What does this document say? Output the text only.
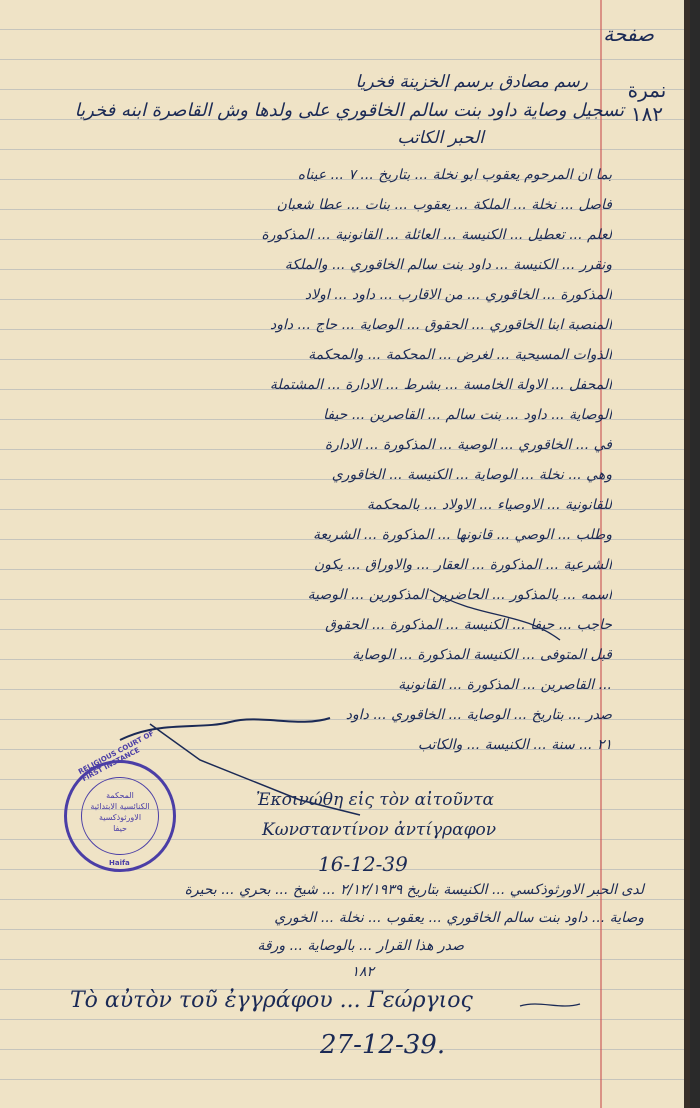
صفحة
نمرة
١٨٢
رسم مصادق برسم الخزينة فخريا
تسجيل وصاية داود بنت سالم الخاقوري على ولدها وش القاصرة ابنه فخريا
الحبر الكاتب
بما ان المرحوم يعقوب ابو نخلة ... بتاريخ ... ٧ ... عيناه
فاصل ... نخلة ... الملكة ... يعقوب ... بنات ... عطا شعبان
لعلم ... تعطيل ... الكنيسة ... العائلة ... القانونية ... المذكورة
ونقرر ... الكنيسة ... داود بنت سالم الخاقوري ... والملكة
المذكورة ... الخاقوري ... من الاقارب ... داود ... اولاد
المنصبة ابنا الخاقوري ... الحقوق ... الوصاية ... حاج ... داود
الذوات المسيحية ... لغرض ... المحكمة ... والمحكمة
المحفل ... الاولة الخامسة ... بشرط ... الادارة ... المشتملة
الوصاية ... داود ... بنت سالم ... القاصرين ... حيفا
في ... الخاقوري ... الوصية ... المذكورة ... الادارة
وهي ... نخلة ... الوصاية ... الكنيسة ... الخاقوري
للقانونية ... الاوصياء ... الاولاد ... بالمحكمة
وطلب ... الوصي ... قانونها ... المذكورة ... الشريعة
الشرعية ... المذكورة ... العقار ... والاوراق ... يكون
اسمه ... بالمذكور ... الحاضرين المذكورين ... الوصية
حاجب ... حيفا ... الكنيسة ... المذكورة ... الحقوق
قبل المتوفى ... الكنيسة المذكورة ... الوصاية
... القاصرين ... المذكورة ... القانونية
صدر ... بتاريخ ... الوصاية ... الخاقوري ... داود
٢١ ... سنة ... الكنيسة ... والكاتب
RELIGIOUS COURT OF FIRST INSTANCE
Haifa
المحكمة
الكنائسية الابتدائية
الاورثوذكسية
حيفا
Ἐκοινώθη εἰς τὸν αἰτοῦντα
Κωνσταντίνον ἀντίγραφον
16-12-39
لدى الحبر الاورثوذكسي ... الكنيسة بتاريخ ٢/١٢/١٩٣٩ ... شيخ ... بحري ... بحيرة
وصاية ... داود بنت سالم الخاقوري ... يعقوب ... نخلة ... الخوري
صدر هذا القرار ... بالوصاية ... ورقة
١٨٢
Τὸ αὐτὸν τοῦ ἐγγράφου ... Γεώργιος
27-12-39.
